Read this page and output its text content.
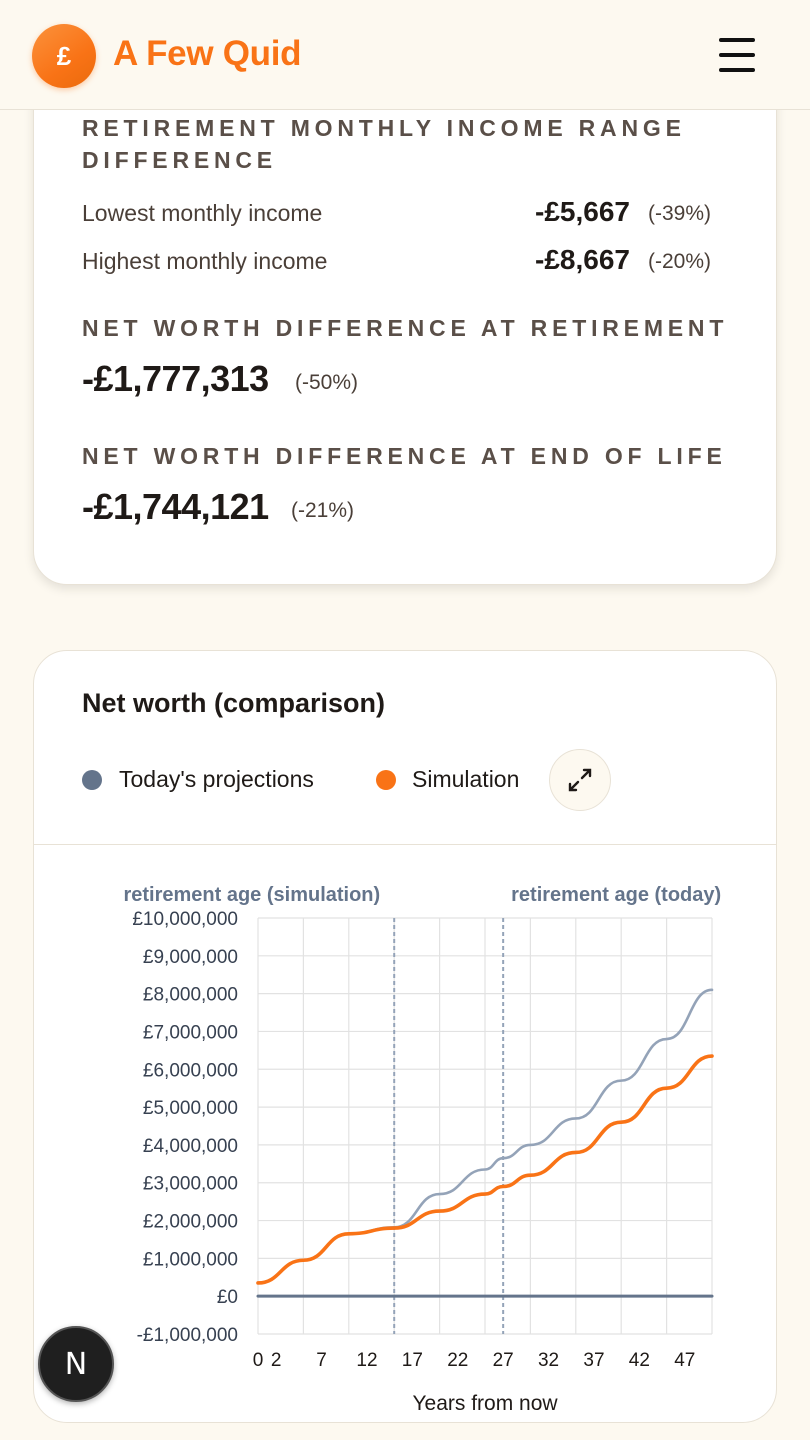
£	A Few Quid
RETIREMENT MONTHLY INCOME RANGE
DIFFERENCE
Lowest monthly income	-£5,667 (-39%)
Highest monthly income	-£8,667 (-20%)
NET WORTH DIFFERENCE AT RETIREMENT
-£1,777,313 (-50%)
NET WORTH DIFFERENCE AT END OF LIFE
-£1,744,121 (-21%)
Net worth (comparison)
Today's projections	Simulation
£10,000,000
£9,000,000
£8,000,000
£7,000,000
£6,000,000
£5,000,000
£4,000,000
£3,000,000
£2,000,000
£1,000,000
£0
-£1,000,000
0 2 7 12 17 22 27 32 37 42 47
retirement age (simulation)	retirement age (today)
Years from now
N
